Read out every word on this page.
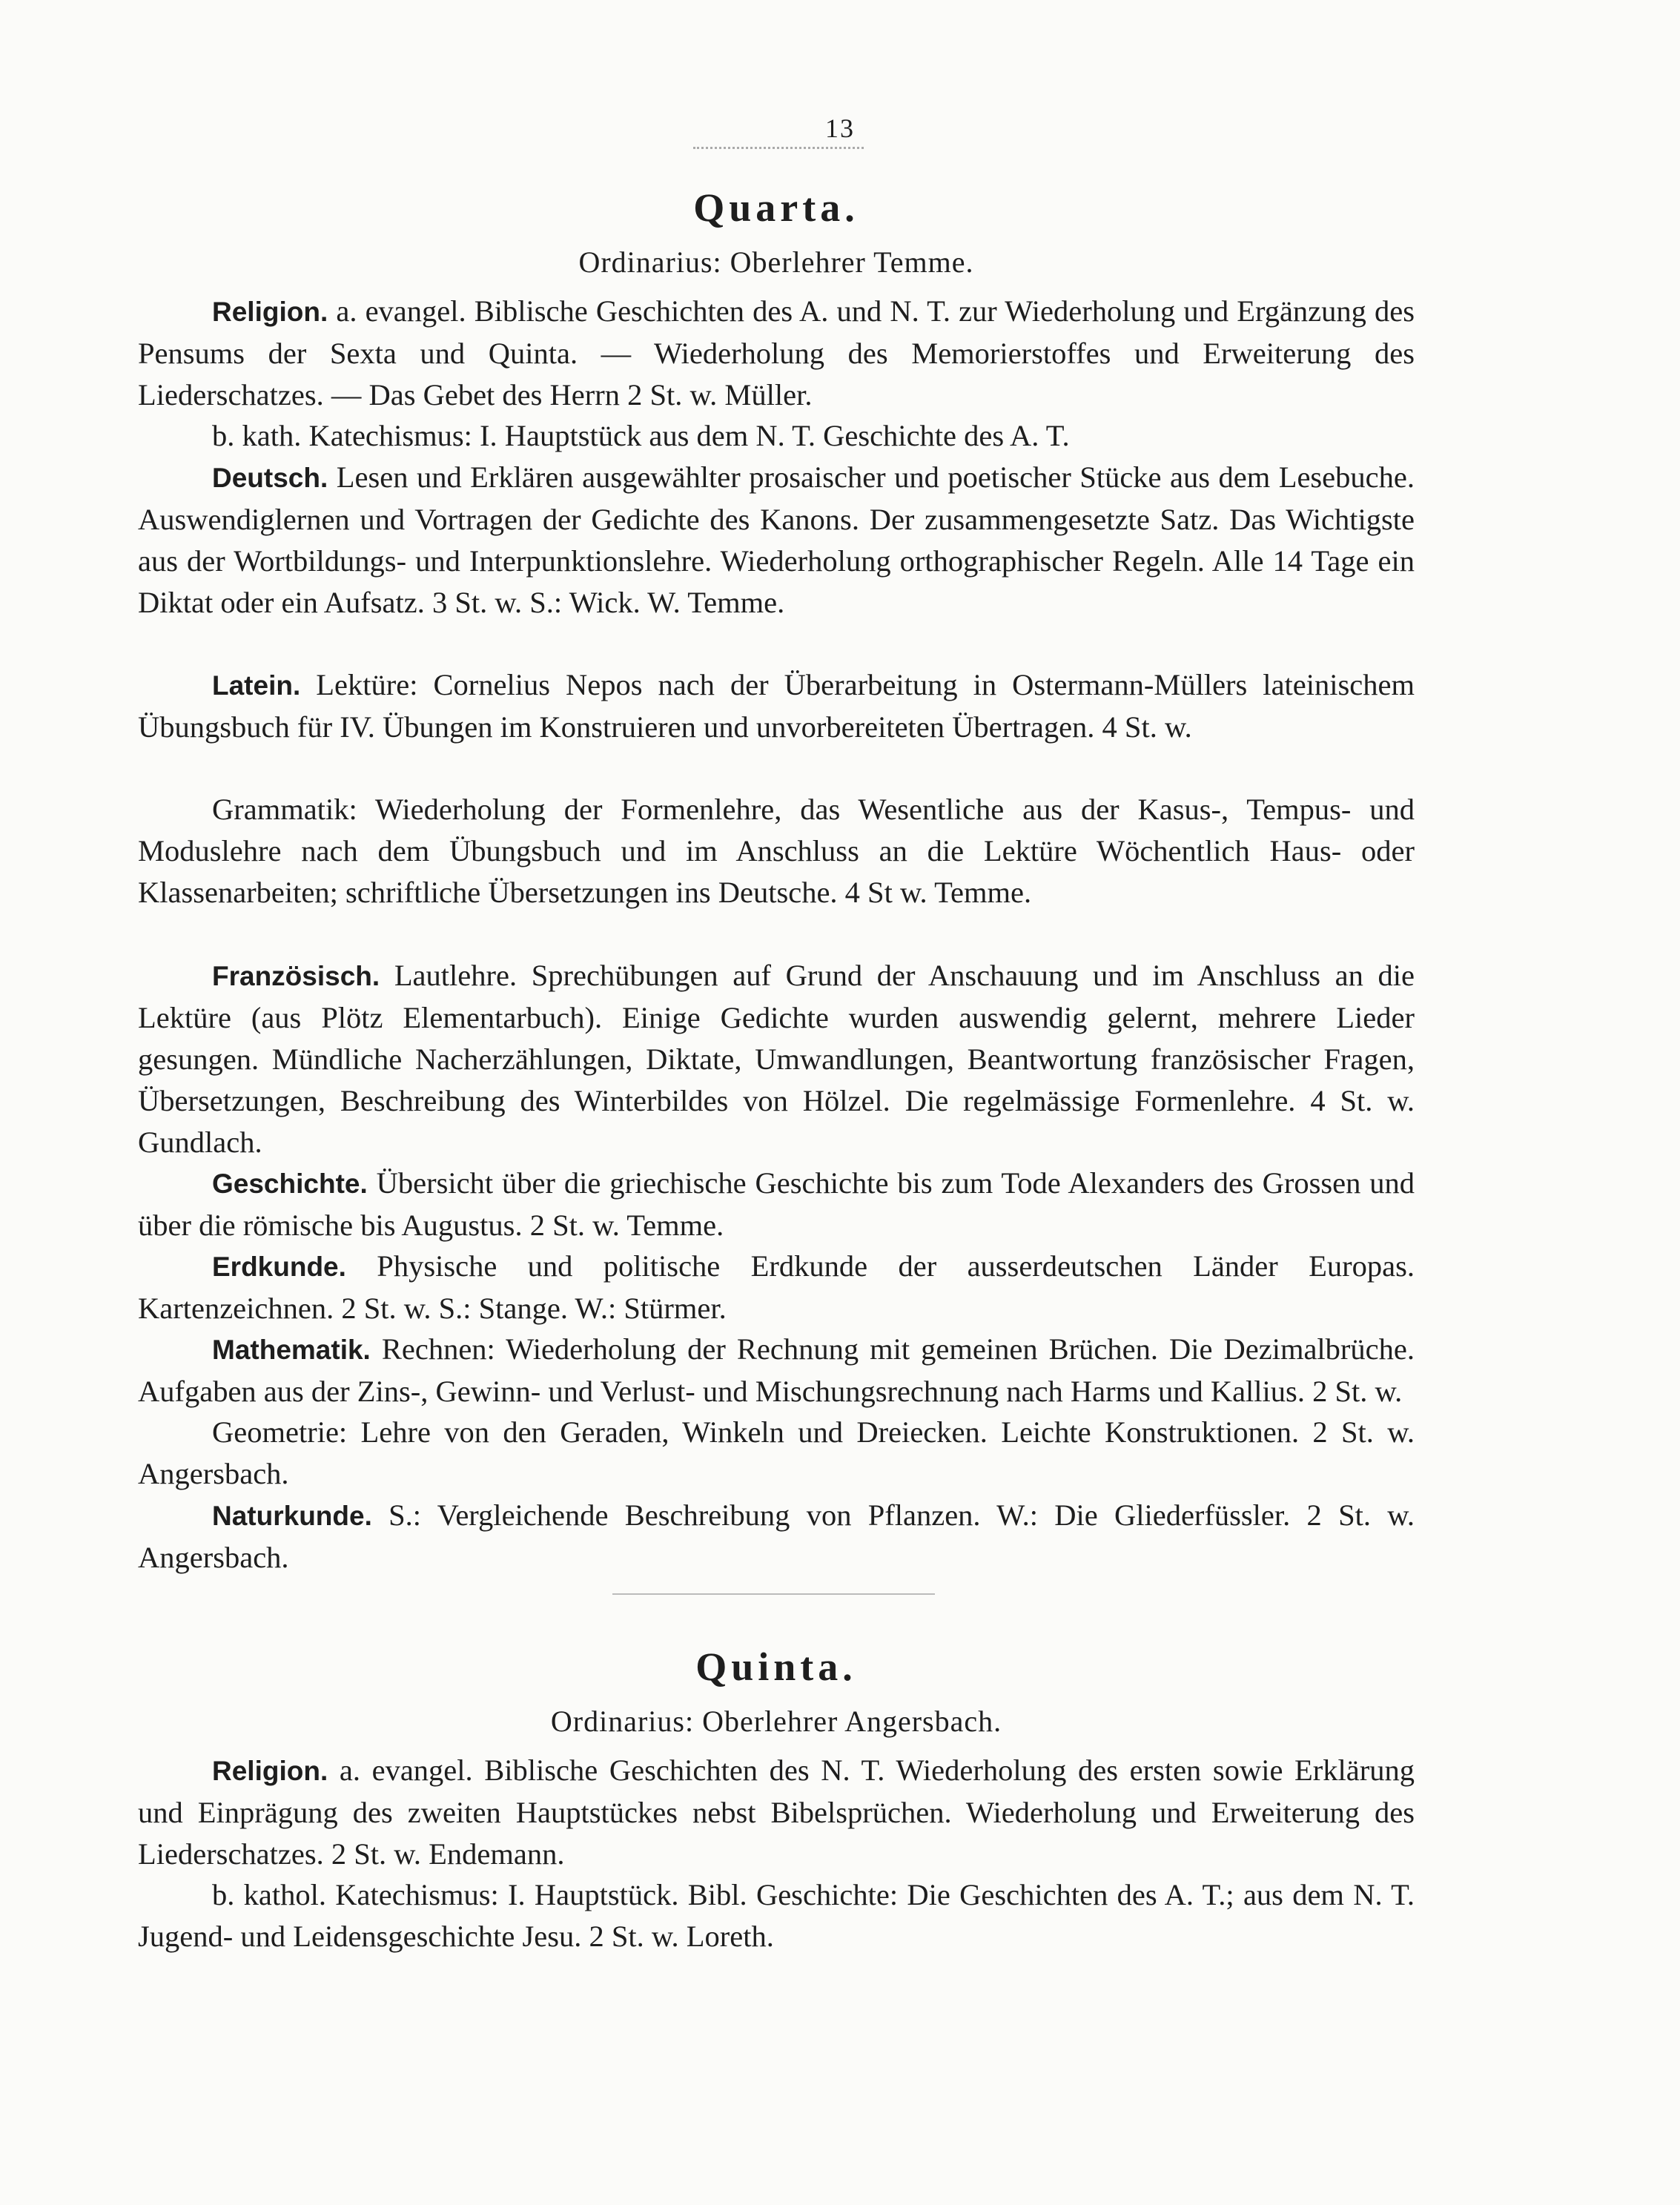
13
Quarta.
Ordinarius: Oberlehrer Temme.

Religion. a. evangel. Biblische Geschichten des A. und N. T. zur Wiederholung und Ergänzung des Pensums der Sexta und Quinta. — Wiederholung des Memorierstoffes und Erweiterung des Liederschatzes. — Das Gebet des Herrn 2 St. w. Müller.

b. kath. Katechismus: I. Hauptstück aus dem N. T. Geschichte des A. T.

Deutsch. Lesen und Erklären ausgewählter prosaischer und poetischer Stücke aus dem Lesebuche. Auswendiglernen und Vortragen der Gedichte des Kanons. Der zusammengesetzte Satz. Das Wichtigste aus der Wortbildungs- und Interpunktionslehre. Wiederholung orthographischer Regeln. Alle 14 Tage ein Diktat oder ein Aufsatz. 3 St. w. S.: Wick. W. Temme.

Latein. Lektüre: Cornelius Nepos nach der Überarbeitung in Ostermann-Müllers lateinischem Übungsbuch für IV. Übungen im Konstruieren und unvorbereiteten Übertragen. 4 St. w.

Grammatik: Wiederholung der Formenlehre, das Wesentliche aus der Kasus-, Tempus- und Moduslehre nach dem Übungsbuch und im Anschluss an die Lektüre Wöchentlich Haus- oder Klassenarbeiten; schriftliche Übersetzungen ins Deutsche. 4 St w. Temme.

Französisch. Lautlehre. Sprechübungen auf Grund der Anschauung und im Anschluss an die Lektüre (aus Plötz Elementarbuch). Einige Gedichte wurden auswendig gelernt, mehrere Lieder gesungen. Mündliche Nacherzählungen, Diktate, Umwandlungen, Beantwortung französischer Fragen, Übersetzungen, Beschreibung des Winterbildes von Hölzel. Die regelmässige Formenlehre. 4 St. w. Gundlach.

Geschichte. Übersicht über die griechische Geschichte bis zum Tode Alexanders des Grossen und über die römische bis Augustus. 2 St. w. Temme.

Erdkunde. Physische und politische Erdkunde der ausserdeutschen Länder Europas. Kartenzeichnen. 2 St. w. S.: Stange. W.: Stürmer.

Mathematik. Rechnen: Wiederholung der Rechnung mit gemeinen Brüchen. Die Dezimalbrüche. Aufgaben aus der Zins-, Gewinn- und Verlust- und Mischungsrechnung nach Harms und Kallius. 2 St. w.

Geometrie: Lehre von den Geraden, Winkeln und Dreiecken. Leichte Konstruktionen. 2 St. w. Angersbach.

Naturkunde. S.: Vergleichende Beschreibung von Pflanzen. W.: Die Gliederfüssler. 2 St. w. Angersbach.

Quinta.
Ordinarius: Oberlehrer Angersbach.

Religion. a. evangel. Biblische Geschichten des N. T. Wiederholung des ersten sowie Erklärung und Einprägung des zweiten Hauptstückes nebst Bibelsprüchen. Wiederholung und Erweiterung des Liederschatzes. 2 St. w. Endemann.

b. kathol. Katechismus: I. Hauptstück. Bibl. Geschichte: Die Geschichten des A. T.; aus dem N. T. Jugend- und Leidensgeschichte Jesu. 2 St. w. Loreth.
